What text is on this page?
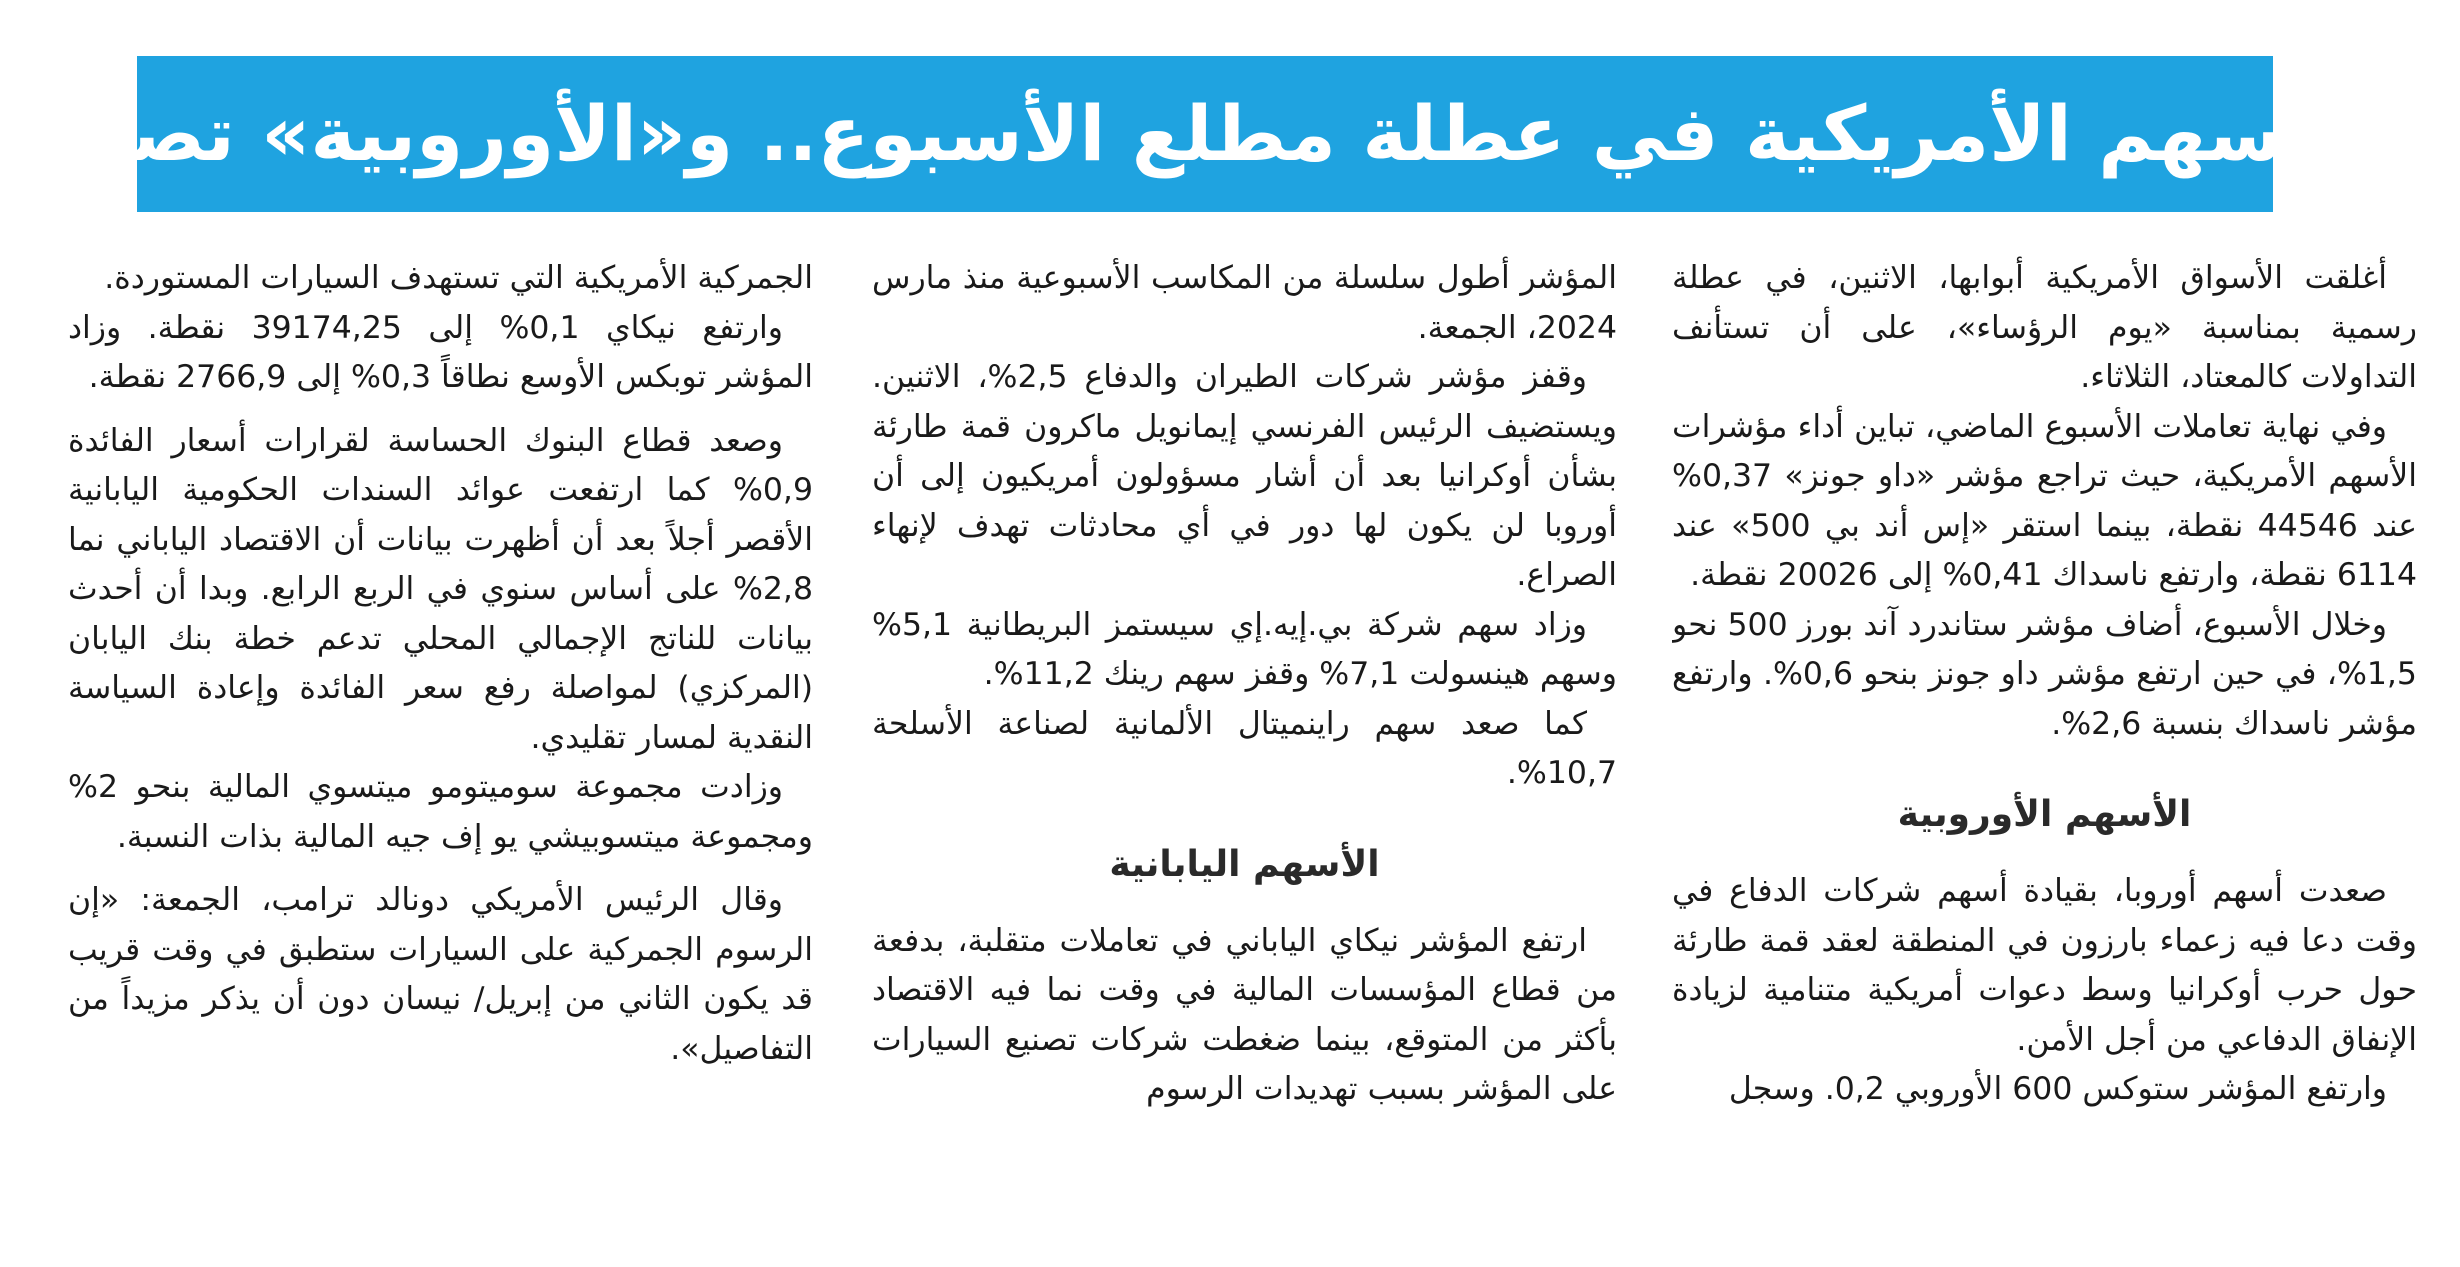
الأسهم الأمريكية في عطلة مطلع الأسبوع.. و«الأوروبية» تصعد

أغلقت الأسواق الأمريكية أبوابها، الاثنين، في عطلة رسمية بمناسبة «يوم الرؤساء»، على أن تستأنف التداولات كالمعتاد، الثلاثاء.

وفي نهاية تعاملات الأسبوع الماضي، تباين أداء مؤشرات الأسهم الأمريكية، حيث تراجع مؤشر «داو جونز» 0,37% عند 44546 نقطة، بينما استقر «إس أند بي 500» عند 6114 نقطة، وارتفع ناسداك 0,41% إلى 20026 نقطة.

وخلال الأسبوع، أضاف مؤشر ستاندرد آند بورز 500 نحو 1,5%، في حين ارتفع مؤشر داو جونز بنحو 0,6%. وارتفع مؤشر ناسداك بنسبة 2,6%.

الأسهم الأوروبية

صعدت أسهم أوروبا، بقيادة أسهم شركات الدفاع في وقت دعا فيه زعماء بارزون في المنطقة لعقد قمة طارئة حول حرب أوكرانيا وسط دعوات أمريكية متنامية لزيادة الإنفاق الدفاعي من أجل الأمن.

وارتفع المؤشر ستوكس 600 الأوروبي 0,2. وسجل

المؤشر أطول سلسلة من المكاسب الأسبوعية منذ مارس 2024، الجمعة.

وقفز مؤشر شركات الطيران والدفاع 2,5%، الاثنين. ويستضيف الرئيس الفرنسي إيمانويل ماكرون قمة طارئة بشأن أوكرانيا بعد أن أشار مسؤولون أمريكيون إلى أن أوروبا لن يكون لها دور في أي محادثات تهدف لإنهاء الصراع.

وزاد سهم شركة بي.إيه.إي سيستمز البريطانية 5,1% وسهم هينسولت 7,1% وقفز سهم رينك 11,2%.

كما صعد سهم راينميتال الألمانية لصناعة الأسلحة 10,7%.

الأسهم اليابانية

ارتفع المؤشر نيكاي الياباني في تعاملات متقلبة، بدفعة من قطاع المؤسسات المالية في وقت نما فيه الاقتصاد بأكثر من المتوقع، بينما ضغطت شركات تصنيع السيارات على المؤشر بسبب تهديدات الرسوم

الجمركية الأمريكية التي تستهدف السيارات المستوردة.

وارتفع نيكاي 0,1% إلى 39174,25 نقطة. وزاد المؤشر توبكس الأوسع نطاقاً 0,3% إلى 2766,9 نقطة.

وصعد قطاع البنوك الحساسة لقرارات أسعار الفائدة 0,9% كما ارتفعت عوائد السندات الحكومية اليابانية الأقصر أجلاً بعد أن أظهرت بيانات أن الاقتصاد الياباني نما 2,8% على أساس سنوي في الربع الرابع. وبدا أن أحدث بيانات للناتج الإجمالي المحلي تدعم خطة بنك اليابان (المركزي) لمواصلة رفع سعر الفائدة وإعادة السياسة النقدية لمسار تقليدي.

وزادت مجموعة سوميتومو ميتسوي المالية بنحو 2% ومجموعة ميتسوبيشي يو إف جيه المالية بذات النسبة.

وقال الرئيس الأمريكي دونالد ترامب، الجمعة: «إن الرسوم الجمركية على السيارات ستطبق في وقت قريب قد يكون الثاني من إبريل/ نيسان دون أن يذكر مزيداً من التفاصيل».
